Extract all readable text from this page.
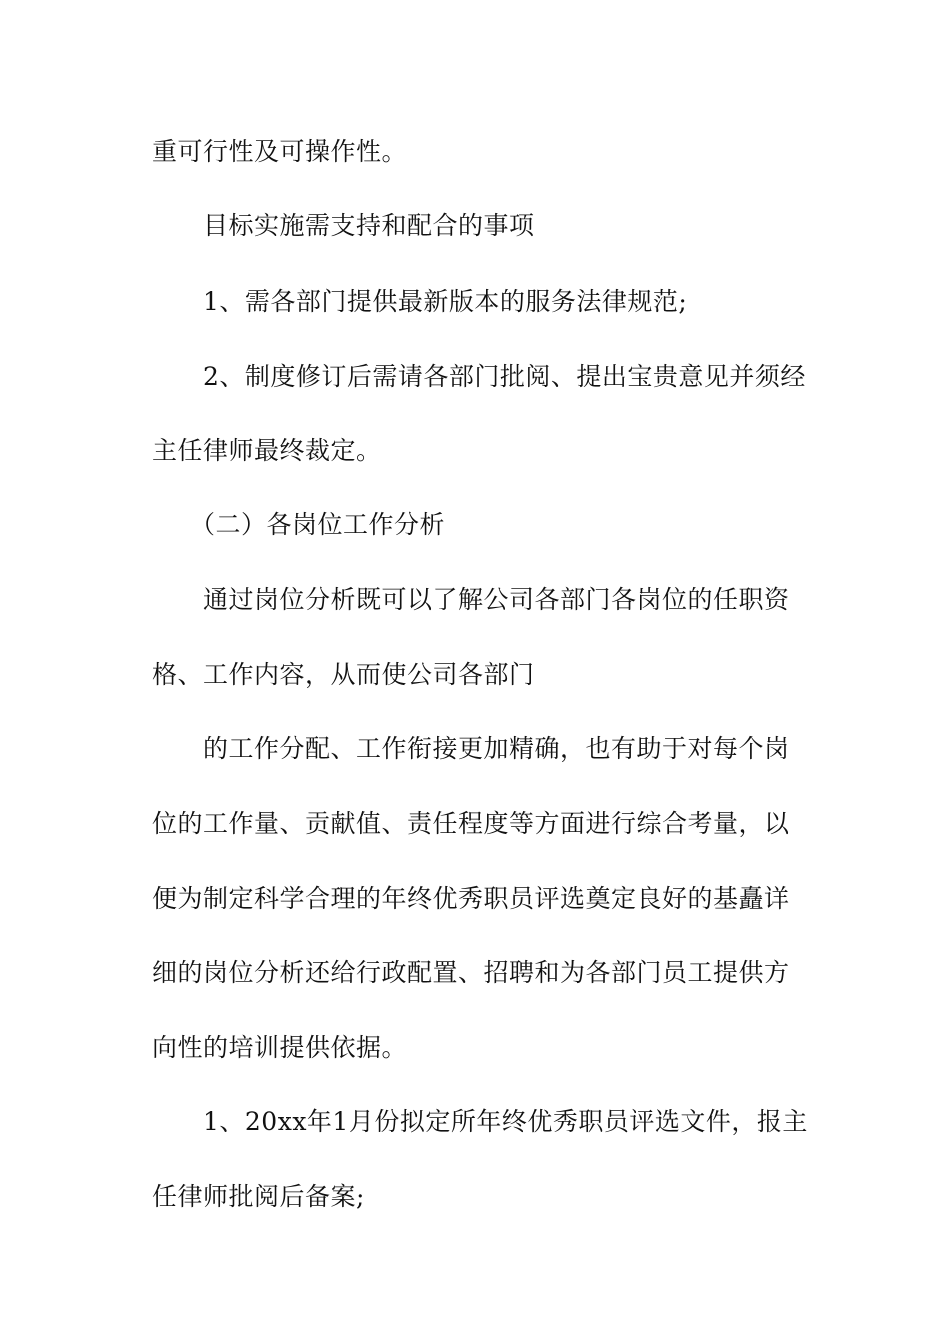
重可行性及可操作性。
目标实施需支持和配合的事项
1、需各部门提供最新版本的服务法律规范;
2、制度修订后需请各部门批阅、提出宝贵意见并须经
主任律师最终裁定。
（二）各岗位工作分析
通过岗位分析既可以了解公司各部门各岗位的任职资
格、工作内容，从而使公司各部门
的工作分配、工作衔接更加精确，也有助于对每个岗
位的工作量、贡献值、责任程度等方面进行综合考量，以
便为制定科学合理的年终优秀职员评选奠定良好的基矗详
细的岗位分析还给行政配置、招聘和为各部门员工提供方
向性的培训提供依据。
1、20xx年1月份拟定所年终优秀职员评选文件，报主
任律师批阅后备案;
